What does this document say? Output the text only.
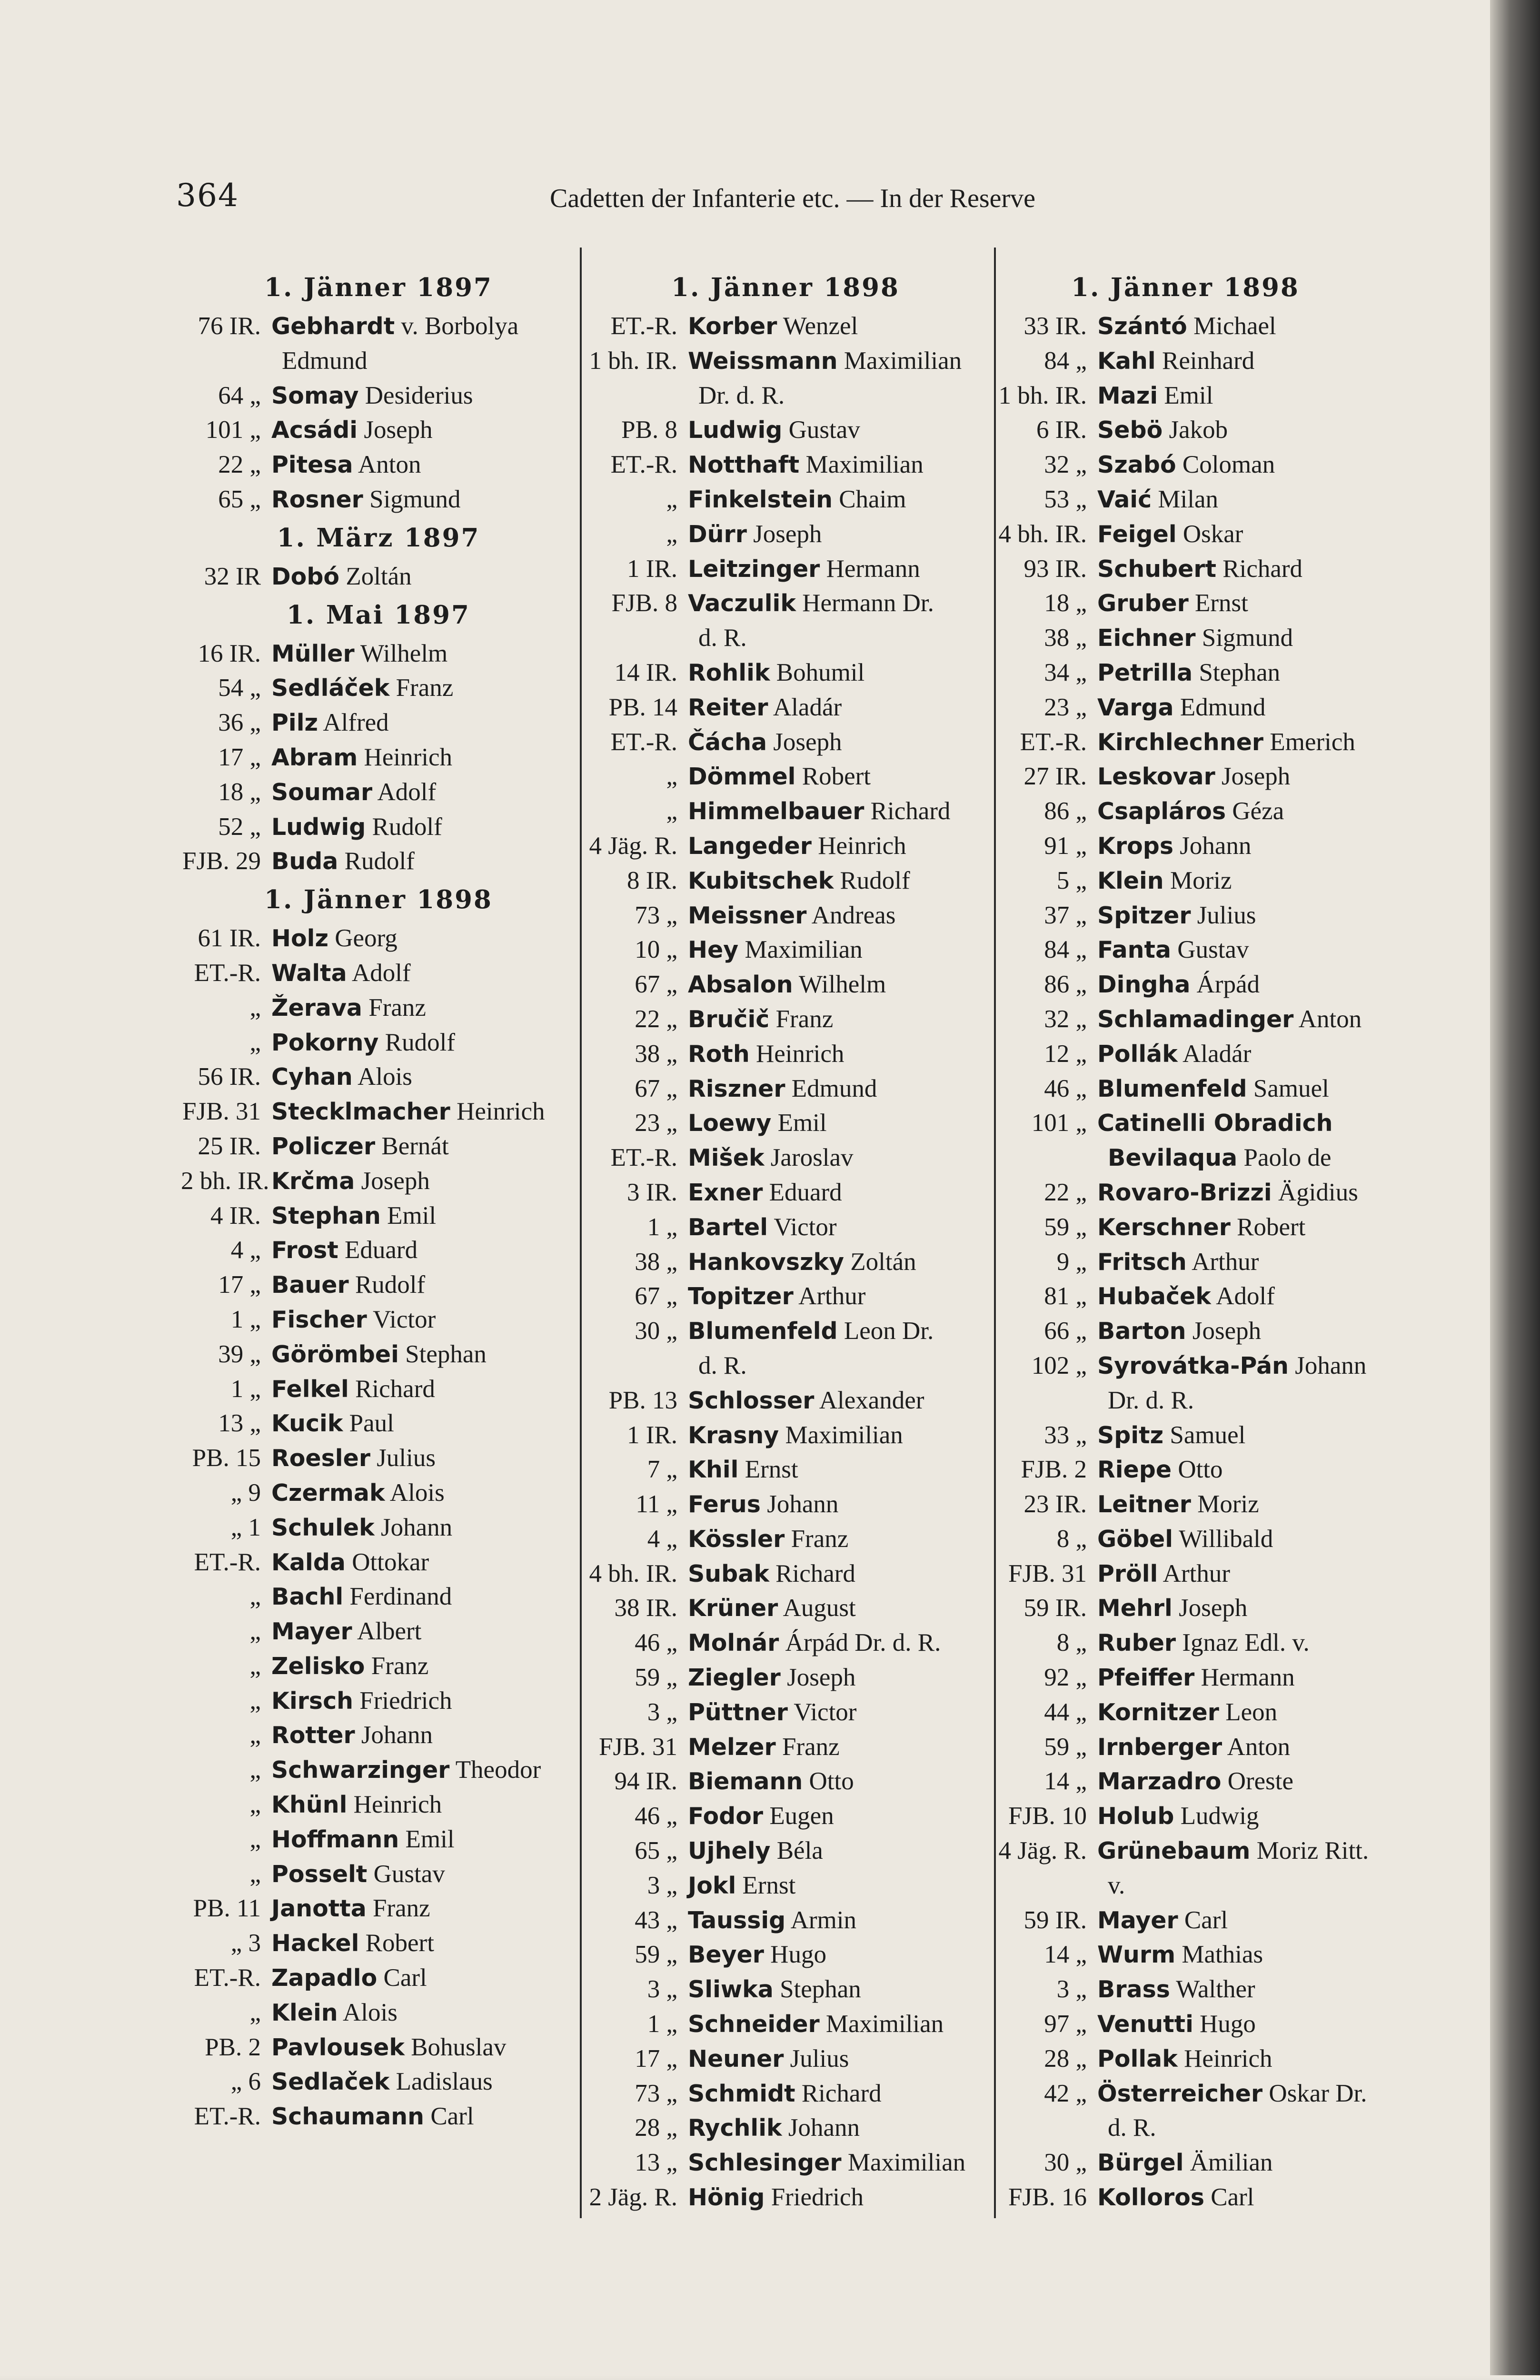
364	Cadetten der Infanterie etc. — In der Reserve
1. Jänner 1897
76 IR. Gebhardt v. Borbolya
Edmund
64 „ Somay Desiderius
101 „ Acsádi Joseph
22 „ Pitesa Anton
65 „ Rosner Sigmund
1. März 1897
32 IR Dobó Zoltán
1. Mai 1897
16 IR. Müller Wilhelm
54 „ Sedláček Franz
36 „ Pilz Alfred
17 „ Abram Heinrich
18 „ Soumar Adolf
52 „ Ludwig Rudolf
FJB. 29 Buda Rudolf
1. Jänner 1898
61 IR. Holz Georg
ET.-R. Walta Adolf
„ Žerava Franz
„ Pokorny Rudolf
56 IR. Cyhan Alois
FJB. 31 Stecklmacher Heinrich
25 IR. Policzer Bernát
2 bh. IR.Krčma Joseph
4 IR. Stephan Emil
4 „ Frost Eduard
17 „ Bauer Rudolf
1 „ Fischer Victor
39 „ Görömbei Stephan
1 „ Felkel Richard
13 „ Kucik Paul
PB. 15 Roesler Julius
„ 9 Czermak Alois
„ 1 Schulek Johann
ET.-R. Kalda Ottokar
„ Bachl Ferdinand
„ Mayer Albert
„ Zelisko Franz
„ Kirsch Friedrich
„ Rotter Johann
„ Schwarzinger Theodor
„ Khünl Heinrich
„ Hoffmann Emil
„ Posselt Gustav
PB. 11 Janotta Franz
„ 3 Hackel Robert
ET.-R. Zapadlo Carl
„ Klein Alois
PB. 2 Pavlousek Bohuslav
„ 6 Sedlaček Ladislaus
ET.-R. Schaumann Carl
1. Jänner 1898
ET.-R. Korber Wenzel
1 bh. IR. Weissmann Maximilian
Dr. d. R.
PB. 8 Ludwig Gustav
ET.-R. Notthaft Maximilian
„ Finkelstein Chaim
„ Dürr Joseph
1 IR. Leitzinger Hermann
FJB. 8 Vaczulik Hermann Dr.
d. R.
14 IR. Rohlik Bohumil
PB. 14 Reiter Aladár
ET.-R. Čácha Joseph
„ Dömmel Robert
„ Himmelbauer Richard
4 Jäg. R. Langeder Heinrich
8 IR. Kubitschek Rudolf
73 „ Meissner Andreas
10 „ Hey Maximilian
67 „ Absalon Wilhelm
22 „ Bručič Franz
38 „ Roth Heinrich
67 „ Riszner Edmund
23 „ Loewy Emil
ET.-R. Mišek Jaroslav
3 IR. Exner Eduard
1 „ Bartel Victor
38 „ Hankovszky Zoltán
67 „ Topitzer Arthur
30 „ Blumenfeld Leon Dr.
d. R.
PB. 13 Schlosser Alexander
1 IR. Krasny Maximilian
7 „ Khil Ernst
11 „ Ferus Johann
4 „ Kössler Franz
4 bh. IR. Subak Richard
38 IR. Krüner August
46 „ Molnár Árpád Dr. d. R.
59 „ Ziegler Joseph
3 „ Püttner Victor
FJB. 31 Melzer Franz
94 IR. Biemann Otto
46 „ Fodor Eugen
65 „ Ujhely Béla
3 „ Jokl Ernst
43 „ Taussig Armin
59 „ Beyer Hugo
3 „ Sliwka Stephan
1 „ Schneider Maximilian
17 „ Neuner Julius
73 „ Schmidt Richard
28 „ Rychlik Johann
13 „ Schlesinger Maximilian
2 Jäg. R. Hönig Friedrich
1. Jänner 1898
33 IR. Szántó Michael
84 „ Kahl Reinhard
1 bh. IR. Mazi Emil
6 IR. Sebö Jakob
32 „ Szabó Coloman
53 „ Vaić Milan
4 bh. IR. Feigel Oskar
93 IR. Schubert Richard
18 „ Gruber Ernst
38 „ Eichner Sigmund
34 „ Petrilla Stephan
23 „ Varga Edmund
ET.-R. Kirchlechner Emerich
27 IR. Leskovar Joseph
86 „ Csapláros Géza
91 „ Krops Johann
5 „ Klein Moriz
37 „ Spitzer Julius
84 „ Fanta Gustav
86 „ Dingha Árpád
32 „ Schlamadinger Anton
12 „ Pollák Aladár
46 „ Blumenfeld Samuel
101 „ Catinelli Obradich
Bevilaqua Paolo de
22 „ Rovaro-Brizzi Ägidius
59 „ Kerschner Robert
9 „ Fritsch Arthur
81 „ Hubaček Adolf
66 „ Barton Joseph
102 „ Syrovátka-Pán Johann
Dr. d. R.
33 „ Spitz Samuel
FJB. 2 Riepe Otto
23 IR. Leitner Moriz
8 „ Göbel Willibald
FJB. 31 Pröll Arthur
59 IR. Mehrl Joseph
8 „ Ruber Ignaz Edl. v.
92 „ Pfeiffer Hermann
44 „ Kornitzer Leon
59 „ Irnberger Anton
14 „ Marzadro Oreste
FJB. 10 Holub Ludwig
4 Jäg. R. Grünebaum Moriz Ritt.
v.
59 IR. Mayer Carl
14 „ Wurm Mathias
3 „ Brass Walther
97 „ Venutti Hugo
28 „ Pollak Heinrich
42 „ Österreicher Oskar Dr.
d. R.
30 „ Bürgel Ämilian
FJB. 16 Kolloros Carl
